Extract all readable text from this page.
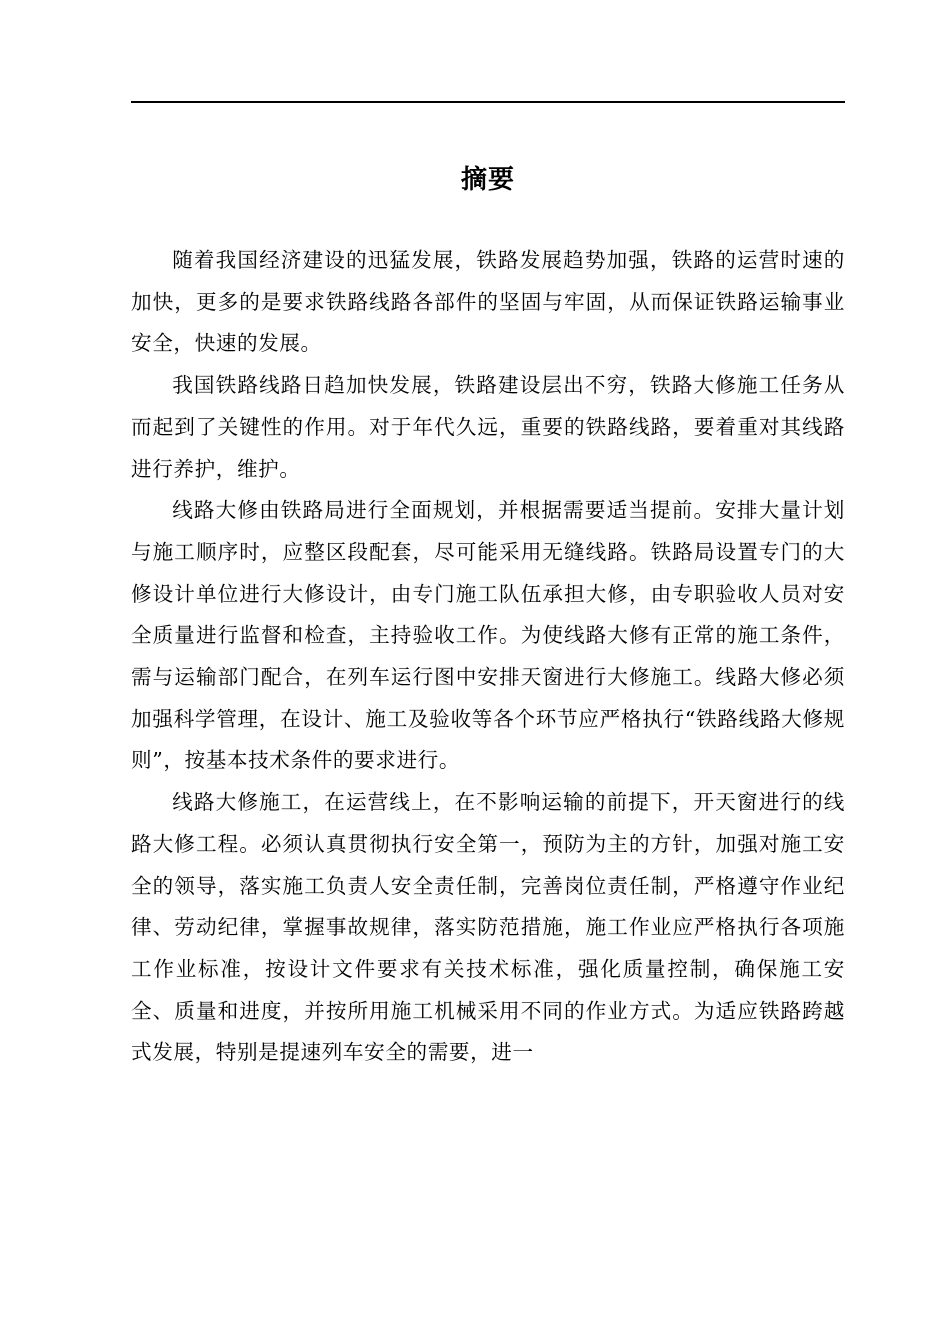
摘要

随着我国经济建设的迅猛发展，铁路发展趋势加强，铁路的运营时速的加快，更多的是要求铁路线路各部件的坚固与牢固，从而保证铁路运输事业安全，快速的发展。

我国铁路线路日趋加快发展，铁路建设层出不穷，铁路大修施工任务从而起到了关键性的作用。对于年代久远，重要的铁路线路，要着重对其线路进行养护，维护。

线路大修由铁路局进行全面规划，并根据需要适当提前。安排大量计划与施工顺序时，应整区段配套，尽可能采用无缝线路。铁路局设置专门的大修设计单位进行大修设计，由专门施工队伍承担大修，由专职验收人员对安全质量进行监督和检查，主持验收工作。为使线路大修有正常的施工条件，需与运输部门配合，在列车运行图中安排天窗进行大修施工。线路大修必须加强科学管理，在设计、施工及验收等各个环节应严格执行“铁路线路大修规则”，按基本技术条件的要求进行。

线路大修施工，在运营线上，在不影响运输的前提下，开天窗进行的线路大修工程。必须认真贯彻执行安全第一，预防为主的方针，加强对施工安全的领导，落实施工负责人安全责任制，完善岗位责任制，严格遵守作业纪律、劳动纪律，掌握事故规律，落实防范措施，施工作业应严格执行各项施工作业标准，按设计文件要求有关技术标准，强化质量控制，确保施工安全、质量和进度，并按所用施工机械采用不同的作业方式。为适应铁路跨越式发展，特别是提速列车安全的需要，进一
